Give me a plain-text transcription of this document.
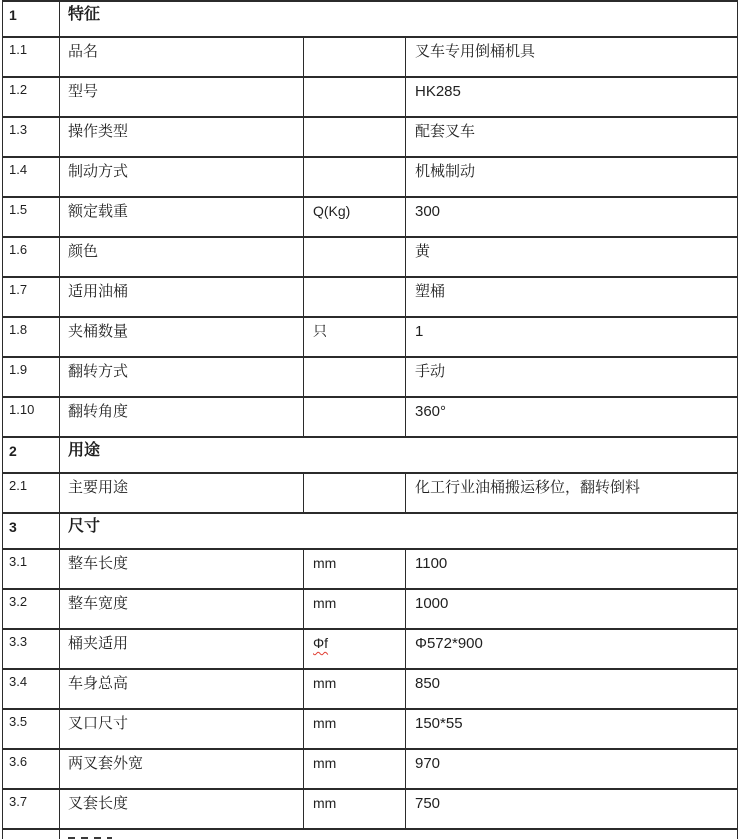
1	特征		
1.1	品名		叉车专用倒桶机具
1.2	型号		HK285
1.3	操作类型		配套叉车
1.4	制动方式		机械制动
1.5	额定载重	Q(Kg)	300
1.6	颜色		黄
1.7	适用油桶		塑桶
1.8	夹桶数量	只	1
1.9	翻转方式		手动
1.10	翻转角度		360°
2	用途		
2.1	主要用途		化工行业油桶搬运移位，翻转倒料
3	尺寸		
3.1	整车长度	mm	1100
3.2	整车宽度	mm	1000
3.3	桶夹适用	Φf	Φ572*900
3.4	车身总高	mm	850
3.5	叉口尺寸	mm	150*55
3.6	两叉套外宽	mm	970
3.7	叉套长度	mm	750
